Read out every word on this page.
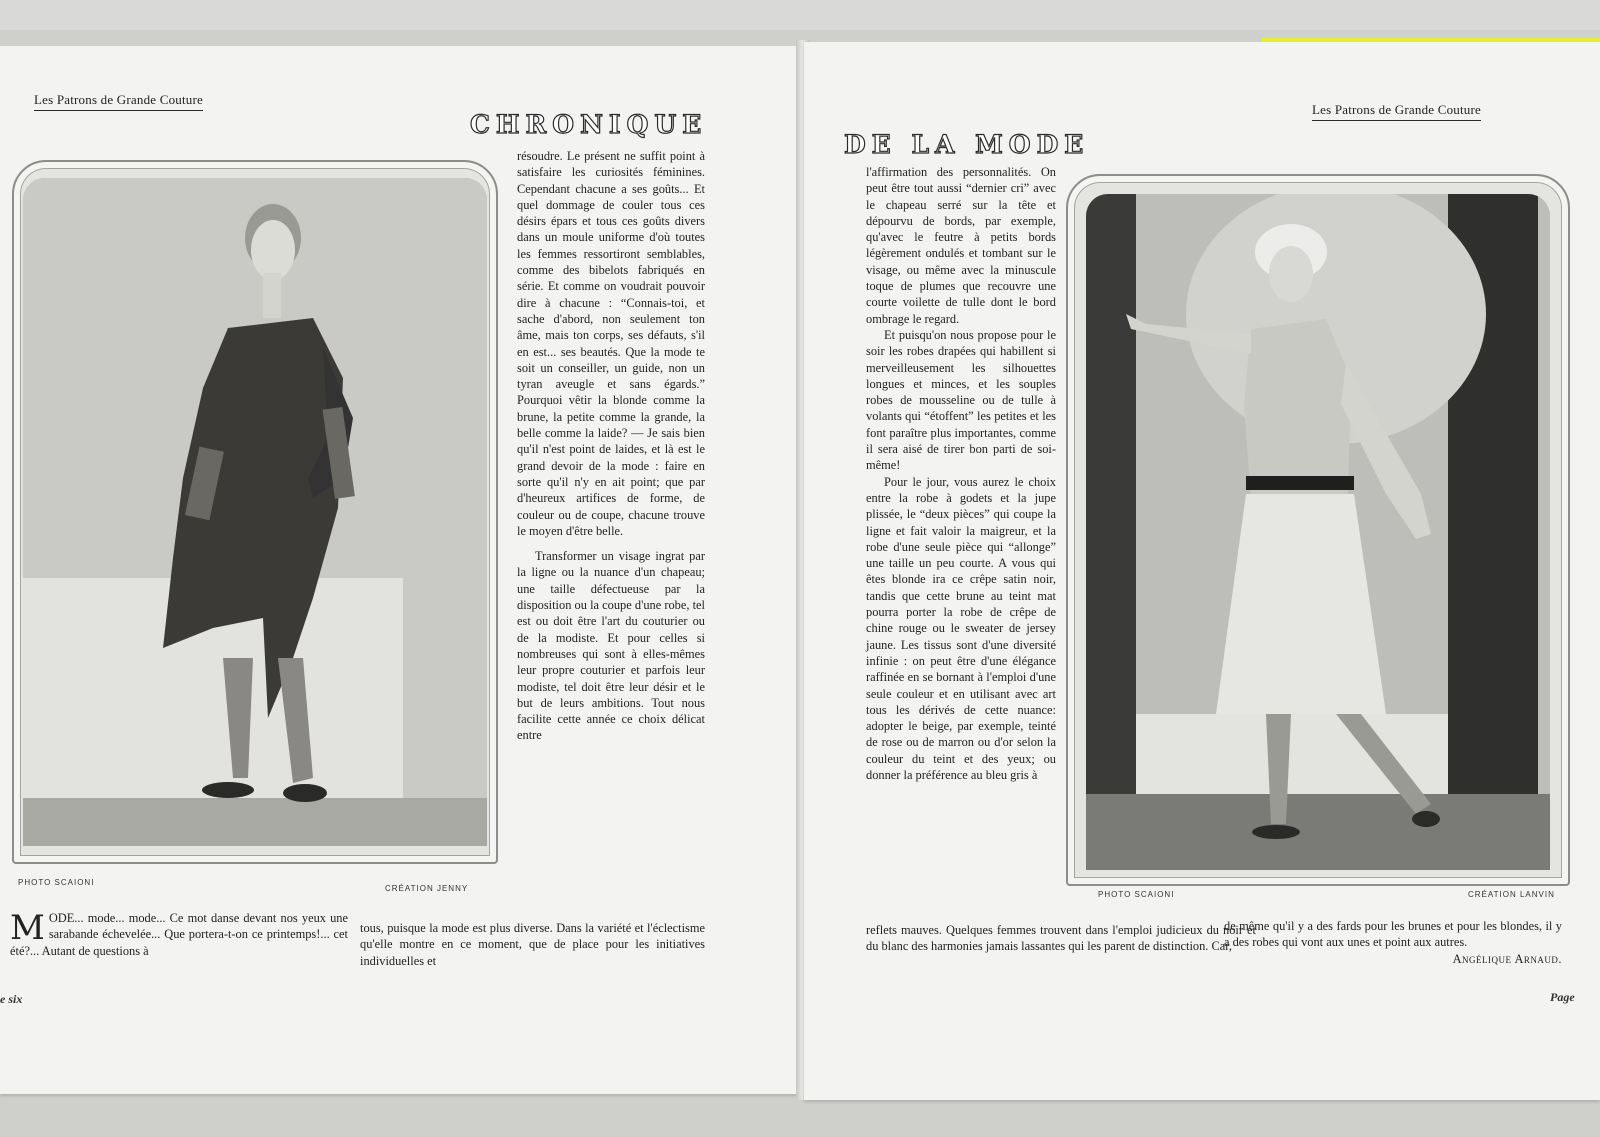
Les Patrons de Grande Couture
CHRONIQUE
PHOTO SCAIONI
CRÉATION JENNY

résoudre. Le présent ne suffit point à satisfaire les curiosités féminines. Cependant chacune a ses goûts... Et quel dommage de couler tous ces désirs épars et tous ces goûts divers dans un moule uniforme d'où toutes les femmes ressortiront semblables, comme des bibelots fabriqués en série. Et comme on voudrait pouvoir dire à chacune : “Connais-toi, et sache d'abord, non seulement ton âme, mais ton corps, ses défauts, s'il en est... ses beautés. Que la mode te soit un conseiller, un guide, non un tyran aveugle et sans égards.” Pourquoi vêtir la blonde comme la brune, la petite comme la grande, la belle comme la laide? — Je sais bien qu'il n'est point de laides, et là est le grand devoir de la mode : faire en sorte qu'il n'y en ait point; que par d'heureux artifices de forme, de couleur ou de coupe, chacune trouve le moyen d'être belle.

Transformer un visage ingrat par la ligne ou la nuance d'un chapeau; une taille défectueuse par la disposition ou la coupe d'une robe, tel est ou doit être l'art du couturier ou de la modiste. Et pour celles si nombreuses qui sont à elles-mêmes leur propre couturier et parfois leur modiste, tel doit être leur désir et le but de leurs ambitions. Tout nous facilite cette année ce choix délicat entre

M ODE... mode... mode... Ce mot danse devant nos yeux une sarabande échevelée... Que portera-t-on ce printemps!... cet été?... Autant de questions à
tous, puisque la mode est plus diverse. Dans la variété et l'éclectisme qu'elle montre en ce moment, que de place pour les initiatives individuelles et
e six
Les Patrons de Grande Couture
DE LA MODE

l'affirmation des personnalités. On peut être tout aussi “dernier cri” avec le chapeau serré sur la tête et dépourvu de bords, par exemple, qu'avec le feutre à petits bords légèrement ondulés et tombant sur le visage, ou même avec la minuscule toque de plumes que recouvre une courte voilette de tulle dont le bord ombrage le regard.

Et puisqu'on nous propose pour le soir les robes drapées qui habillent si merveilleusement les silhouettes longues et minces, et les souples robes de mousseline ou de tulle à volants qui “étoffent” les petites et les font paraître plus importantes, comme il sera aisé de tirer bon parti de soi-même!

Pour le jour, vous aurez le choix entre la robe à godets et la jupe plissée, le “deux pièces” qui coupe la ligne et fait valoir la maigreur, et la robe d'une seule pièce qui “allonge” une taille un peu courte. A vous qui êtes blonde ira ce crêpe satin noir, tandis que cette brune au teint mat pourra porter la robe de crêpe de chine rouge ou le sweater de jersey jaune. Les tissus sont d'une diversité infinie : on peut être d'une élégance raffinée en se bornant à l'emploi d'une seule couleur et en utilisant avec art tous les dérivés de cette nuance: adopter le beige, par exemple, teinté de rose ou de marron ou d'or selon la couleur du teint et des yeux; ou donner la préférence au bleu gris à

PHOTO SCAIONI	CRÉATION LANVIN
reflets mauves. Quelques femmes trouvent dans l'emploi judicieux du noir et du blanc des harmonies jamais lassantes qui les parent de distinction. Car,
de même qu'il y a des fards pour les brunes et pour les blondes, il y a des robes qui vont aux unes et point aux autres.
Angélique Arnaud.
Page
